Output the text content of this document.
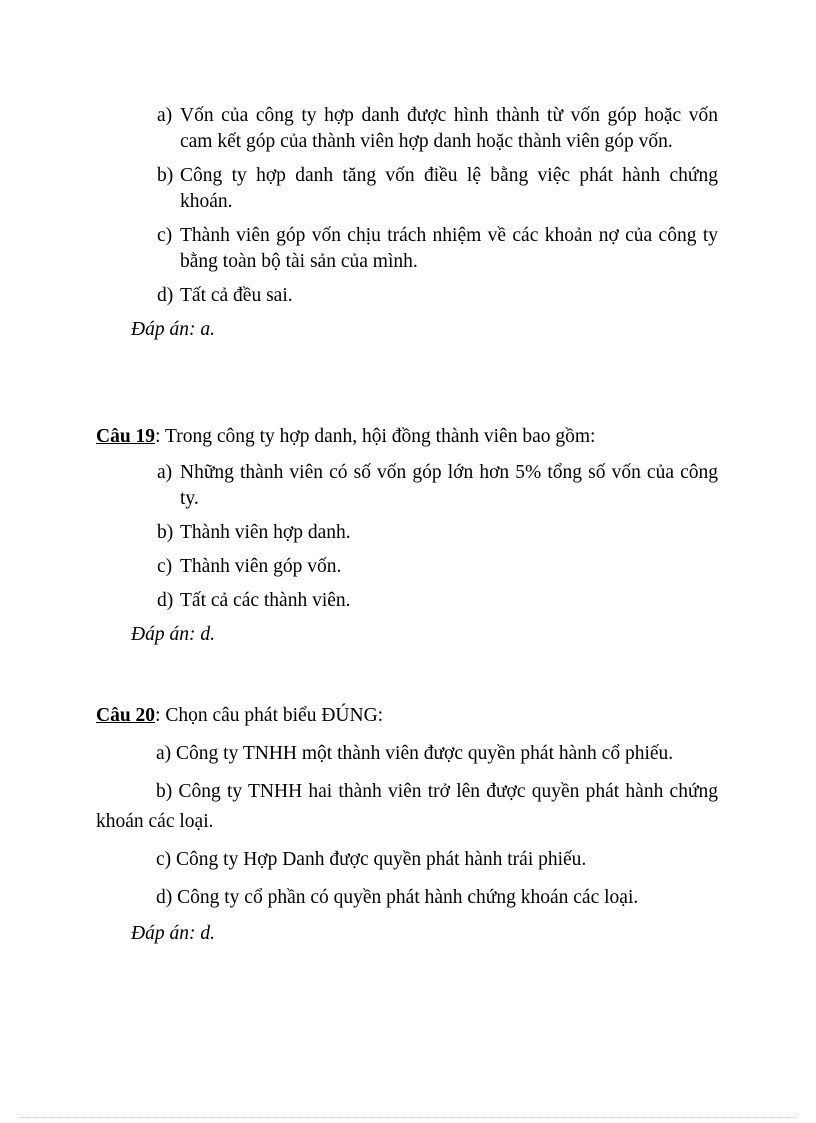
a) Vốn của công ty hợp danh được hình thành từ vốn góp hoặc vốn cam kết góp của thành viên hợp danh hoặc thành viên góp vốn.
b) Công ty hợp danh tăng vốn điều lệ bằng việc phát hành chứng khoán.
c) Thành viên góp vốn chịu trách nhiệm về các khoản nợ của công ty bằng toàn bộ tài sản của mình.
d) Tất cả đều sai.
Đáp án: a.
Câu 19: Trong công ty hợp danh, hội đồng thành viên bao gồm:
a) Những thành viên có số vốn góp lớn hơn 5% tổng số vốn của công ty.
b) Thành viên hợp danh.
c) Thành viên góp vốn.
d) Tất cả các thành viên.
Đáp án: d.
Câu 20: Chọn câu phát biểu ĐÚNG:
a) Công ty TNHH một thành viên được quyền phát hành cổ phiếu.
b) Công ty TNHH hai thành viên trở lên được quyền phát hành chứng khoán các loại.
c) Công ty Hợp Danh được quyền phát hành trái phiếu.
d) Công ty cổ phần có quyền phát hành chứng khoán các loại.
Đáp án: d.
